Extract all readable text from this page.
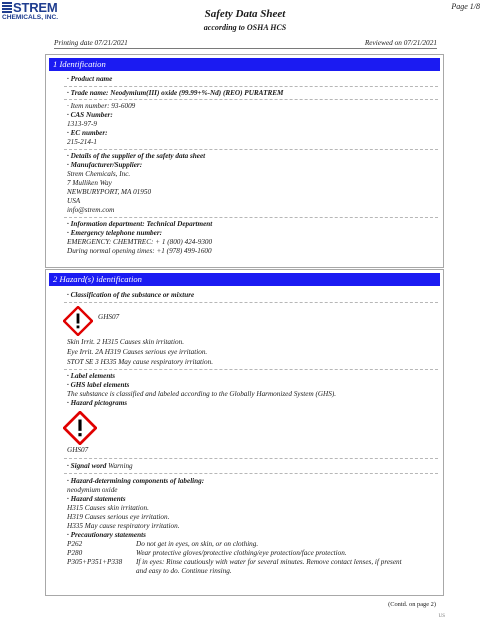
STREM
CHEMICALS, INC.
Page 1/8
Safety Data Sheet
according to OSHA HCS
Printing date 07/21/2021	Reviewed on 07/21/2021
1 Identification
· Product name
· Trade name: Neodymium(III) oxide (99.99+%-Nd) (REO) PURATREM
· Item number: 93-6009
· CAS Number:
1313-97-9
· EC number:
215-214-1
· Details of the supplier of the safety data sheet
· Manufacturer/Supplier:
Strem Chemicals, Inc.
7 Mulliken Way
NEWBURYPORT, MA 01950
USA
info@strem.com
· Information department: Technical Department
· Emergency telephone number:
EMERGENCY: CHEMTREC: + 1 (800) 424-9300
During normal opening times: +1 (978) 499-1600
2 Hazard(s) identification
· Classification of the substance or mixture
GHS07
Skin Irrit. 2 H315 Causes skin irritation.
Eye Irrit. 2A H319 Causes serious eye irritation.
STOT SE 3 H335 May cause respiratory irritation.
· Label elements
· GHS label elements
The substance is classified and labeled according to the Globally Harmonized System (GHS).
· Hazard pictograms
GHS07
· Signal word Warning
· Hazard-determining components of labeling:
neodymium oxide
· Hazard statements
H315 Causes skin irritation.
H319 Causes serious eye irritation.
H335 May cause respiratory irritation.
· Precautionary statements
P262	Do not get in eyes, on skin, or on clothing.
P280	Wear protective gloves/protective clothing/eye protection/face protection.
P305+P351+P338 If in eyes: Rinse cautiously with water for several minutes. Remove contact lenses, if present
and easy to do. Continue rinsing.
(Contd. on page 2)
US
